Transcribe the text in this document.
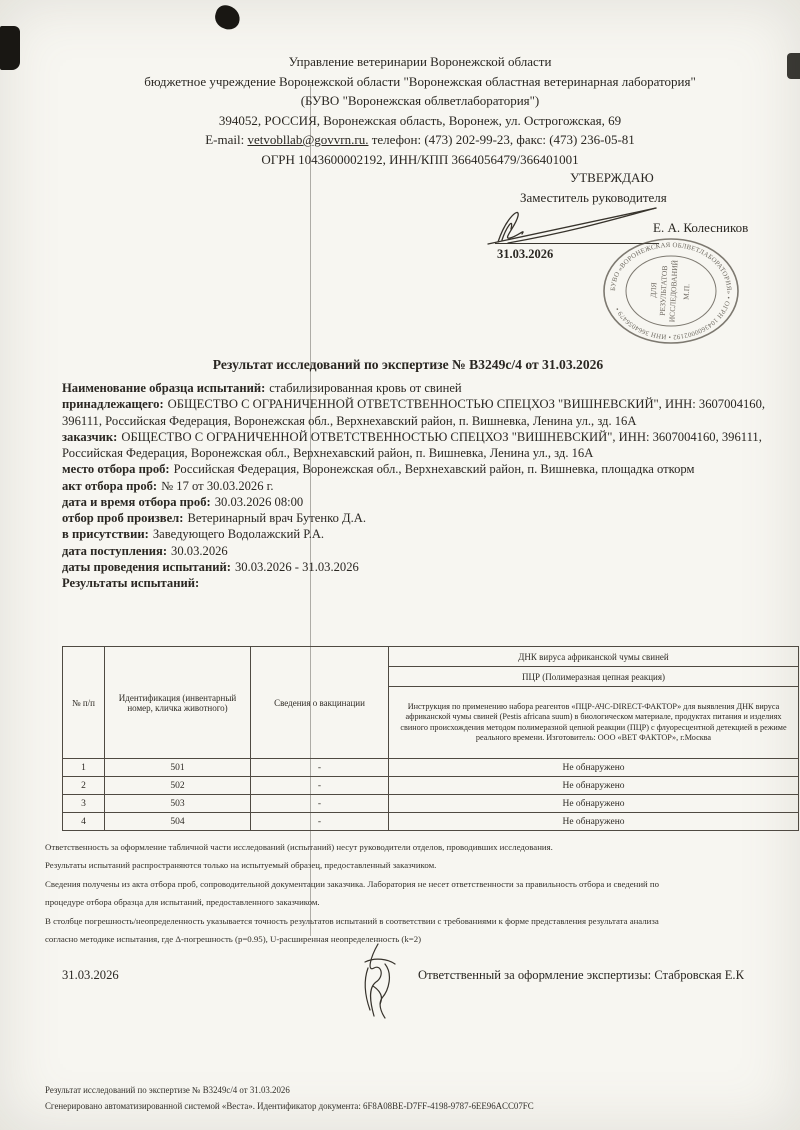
Управление ветеринарии Воронежской области
бюджетное учреждение Воронежской области "Воронежская областная ветеринарная лаборатория"
(БУВО "Воронежская облветлаборатория")
394052, РОССИЯ, Воронежская область, Воронеж, ул. Острогожская, 69
E-mail: vetvobllab@govvrn.ru. телефон: (473) 202-99-23, факс: (473) 236-05-81
ОГРН 1043600002192, ИНН/КПП 3664056479/366401001
УТВЕРЖДАЮ
Заместитель руководителя
Е. А. Колесников
31.03.2026
БУВО «ВОРОНЕЖСКАЯ ОБЛВЕТЛАБОРАТОРИЯ» • ОГРН 1043600002192 • ИНН 3664056479 •
ДЛЯ РЕЗУЛЬТАТОВ
ИССЛЕДОВАНИЙ М.П.
Результат исследований по экспертизе № В3249с/4 от 31.03.2026

Наименование образца испытаний: стабилизированная кровь от свиней

принадлежащего: ОБЩЕСТВО С ОГРАНИЧЕННОЙ ОТВЕТСТВЕННОСТЬЮ СПЕЦХОЗ "ВИШНЕВСКИЙ", ИНН: 3607004160, 396111, Российская Федерация, Воронежская обл., Верхнехавский район, п. Вишневка, Ленина ул., зд. 16А

заказчик: ОБЩЕСТВО С ОГРАНИЧЕННОЙ ОТВЕТСТВЕННОСТЬЮ СПЕЦХОЗ "ВИШНЕВСКИЙ", ИНН: 3607004160, 396111, Российская Федерация, Воронежская обл., Верхнехавский район, п. Вишневка, Ленина ул., зд. 16А

место отбора проб: Российская Федерация, Воронежская обл., Верхнехавский район, п. Вишневка, площадка откорм

акт отбора проб: № 17 от 30.03.2026 г.

дата и время отбора проб: 30.03.2026 08:00

отбор проб произвел: Ветеринарный врач Бутенко Д.А.

в присутствии: Заведующего Водолажский Р.А.

дата поступления: 30.03.2026

даты проведения испытаний: 30.03.2026 - 31.03.2026

Результаты испытаний:

№ п/п	Идентификация (инвентарный номер, кличка животного)	Сведения о вакцинации
ДНК вируса африканской чумы свиней
ПЦР (Полимеразная цепная реакция)
Инструкция по применению набора реагентов «ПЦР-АЧС-DIRECT-ФАКТОР» для выявления ДНК вируса африканской чумы свиней (Pestis africana suum) в биологическом материале, продуктах питания и изделиях свиного происхождения методом полимеразной цепной реакции (ПЦР) с флуоресцентной детекцией в режиме реального времени. Изготовитель: ООО «ВЕТ ФАКТОР», г.Москва
1	501	-	Не обнаружено
2	502	-	Не обнаружено
3	503	-	Не обнаружено
4	504	-	Не обнаружено
Ответственность за оформление табличной части исследований (испытаний) несут руководители отделов, проводивших исследования.
Результаты испытаний распространяются только на испытуемый образец, предоставленный заказчиком.
Сведения получены из акта отбора проб, сопроводительной документации заказчика. Лаборатория не несет ответственности за правильность отбора и сведений по
процедуре отбора образца для испытаний, предоставленного заказчиком.
В столбце погрешность/неопределенность указывается точность результатов испытаний в соответствии с требованиями к форме представления результата анализа
согласно методике испытания, где Δ-погрешность (p=0.95), U-расширенная неопределенность (k=2)
31.03.2026	Ответственный за оформление экспертизы: Стабровская Е.К
Результат исследований по экспертизе № В3249с/4 от 31.03.2026
Сгенерировано автоматизированной системой «Веста». Идентификатор документа: 6F8A08BE-D7FF-4198-9787-6EE96ACC07FC
